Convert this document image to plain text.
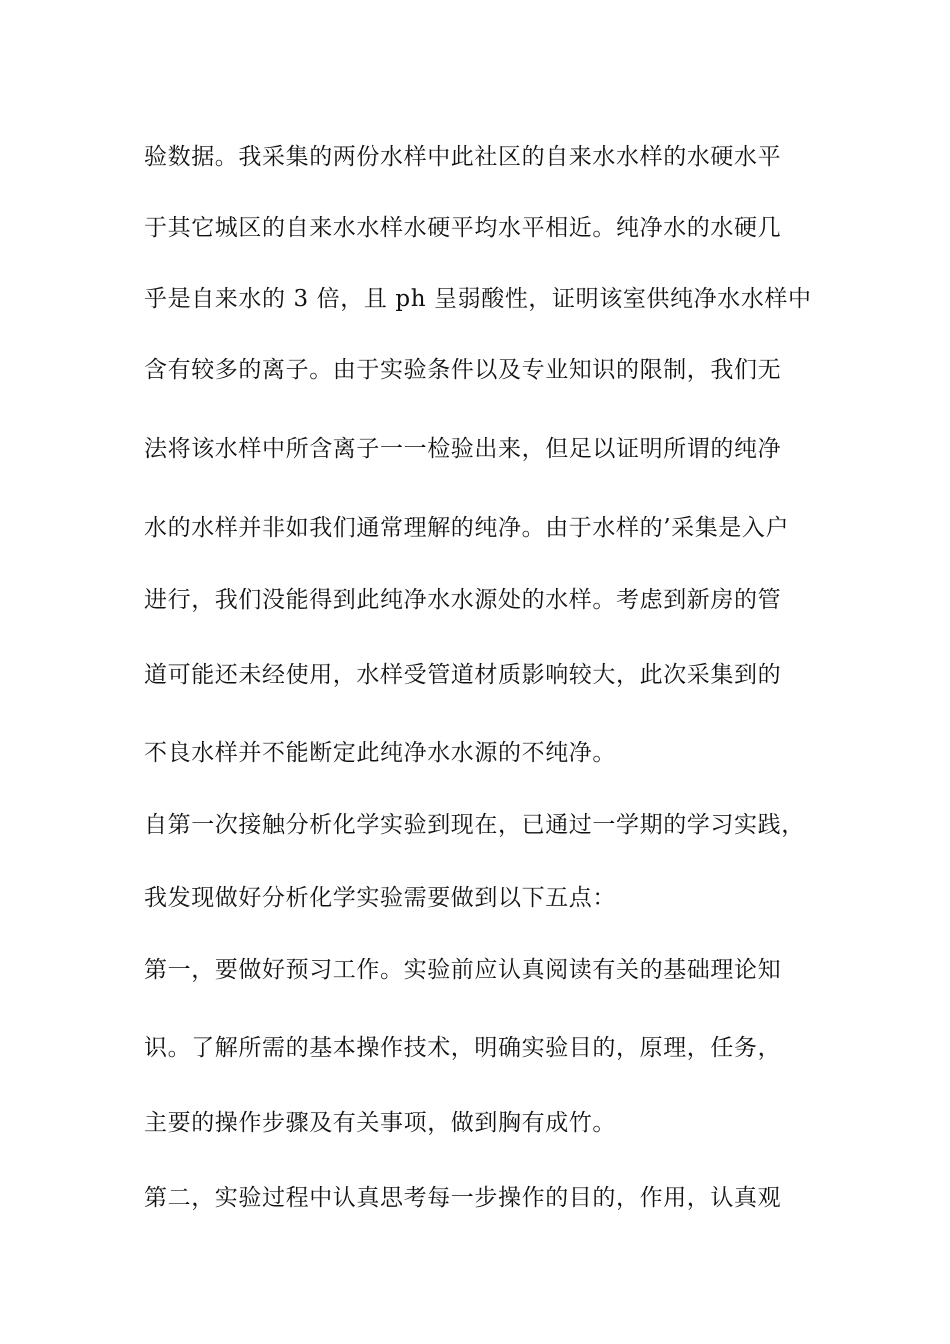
验数据。我采集的两份水样中此社区的自来水水样的水硬水平
于其它城区的自来水水样水硬平均水平相近。纯净水的水硬几
乎是自来水的 3 倍，且 ph 呈弱酸性，证明该室供纯净水水样中
含有较多的离子。由于实验条件以及专业知识的限制，我们无
法将该水样中所含离子一一检验出来，但足以证明所谓的纯净
水的水样并非如我们通常理解的纯净。由于水样的’采集是入户
进行，我们没能得到此纯净水水源处的水样。考虑到新房的管
道可能还未经使用，水样受管道材质影响较大，此次采集到的
不良水样并不能断定此纯净水水源的不纯净。
自第一次接触分析化学实验到现在，已通过一学期的学习实践，
我发现做好分析化学实验需要做到以下五点：
第一，要做好预习工作。实验前应认真阅读有关的基础理论知
识。了解所需的基本操作技术，明确实验目的，原理，任务，
主要的操作步骤及有关事项，做到胸有成竹。
第二，实验过程中认真思考每一步操作的目的，作用，认真观
